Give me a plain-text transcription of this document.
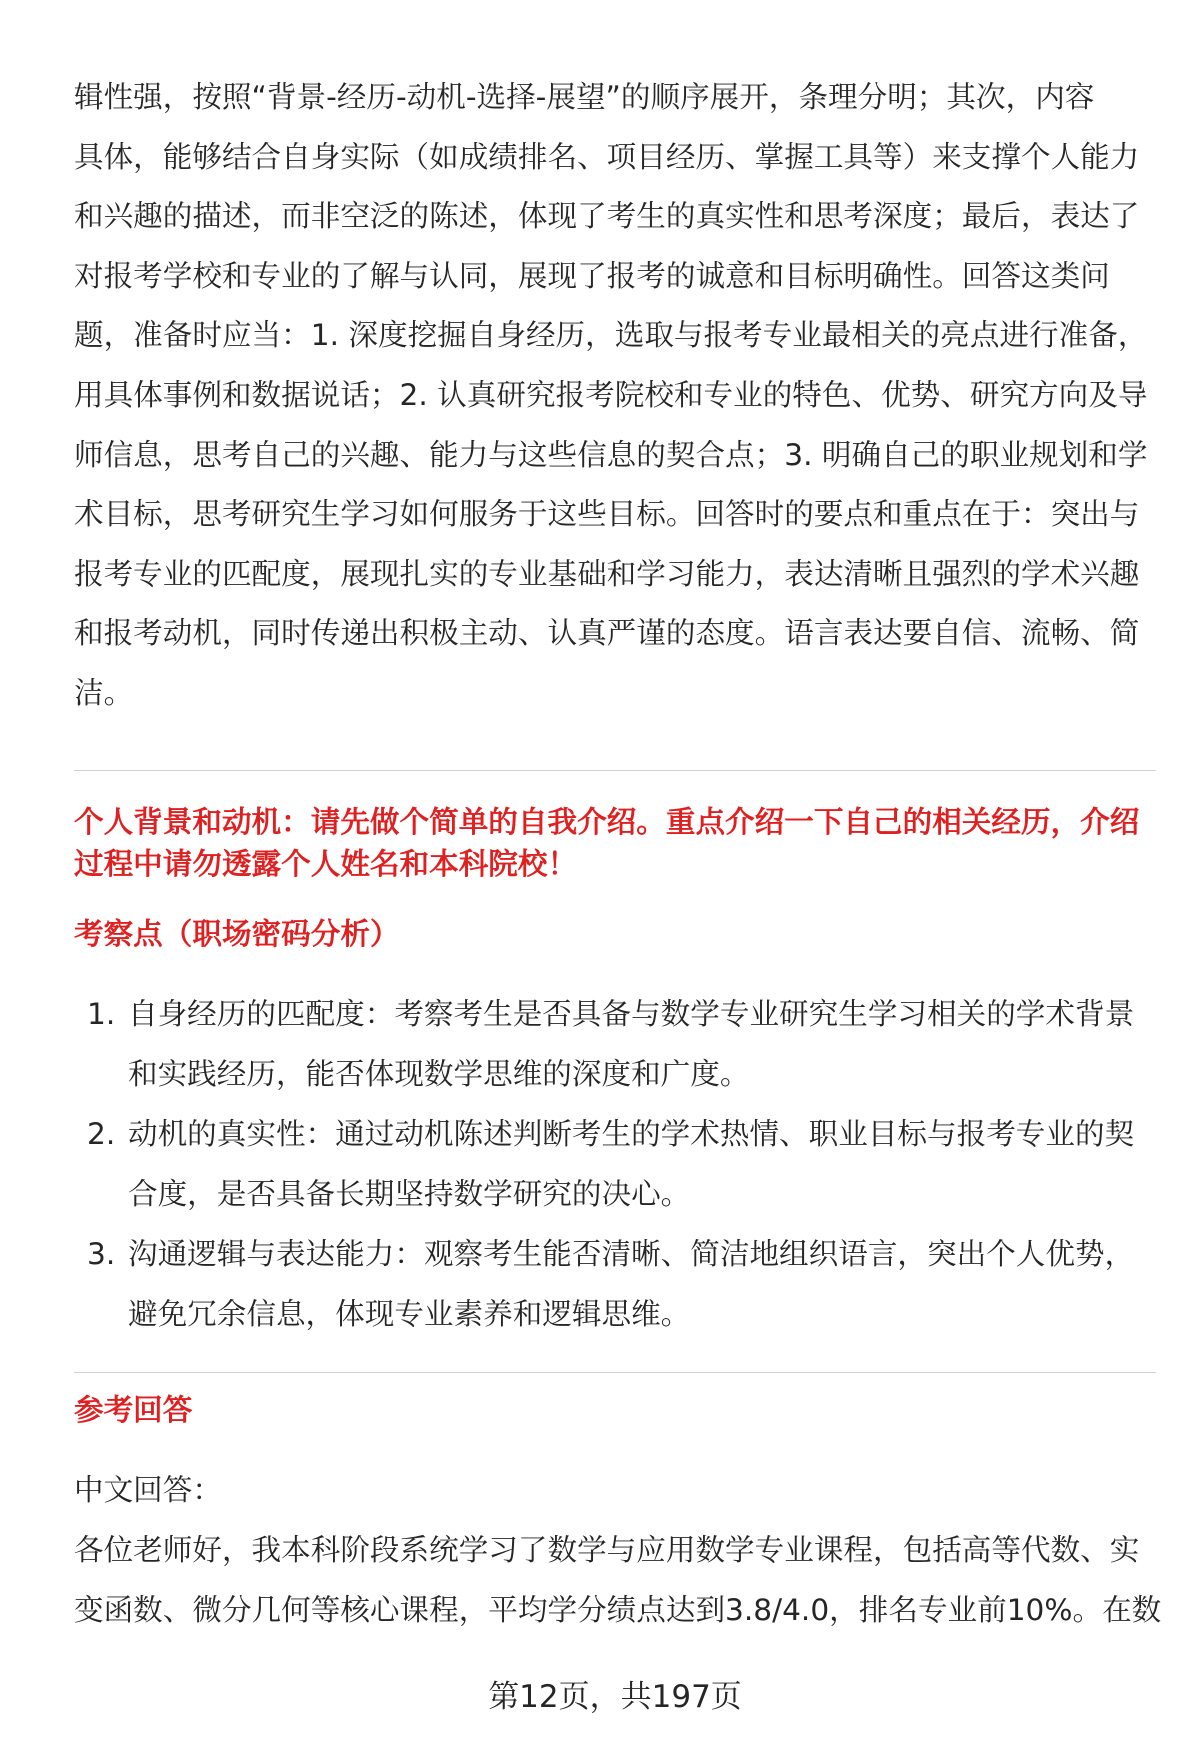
辑性强，按照“背景-经历-动机-选择-展望”的顺序展开，条理分明；其次，内容
具体，能够结合自身实际（如成绩排名、项目经历、掌握工具等）来支撑个人能力
和兴趣的描述，而非空泛的陈述，体现了考生的真实性和思考深度；最后，表达了
对报考学校和专业的了解与认同，展现了报考的诚意和目标明确性。回答这类问
题，准备时应当：1. 深度挖掘自身经历，选取与报考专业最相关的亮点进行准备，
用具体事例和数据说话；2. 认真研究报考院校和专业的特色、优势、研究方向及导
师信息，思考自己的兴趣、能力与这些信息的契合点；3. 明确自己的职业规划和学
术目标，思考研究生学习如何服务于这些目标。回答时的要点和重点在于：突出与
报考专业的匹配度，展现扎实的专业基础和学习能力，表达清晰且强烈的学术兴趣
和报考动机，同时传递出积极主动、认真严谨的态度。语言表达要自信、流畅、简
洁。
个人背景和动机：请先做个简单的自我介绍。重点介绍一下自己的相关经历，介绍
过程中请勿透露个人姓名和本科院校！
考察点（职场密码分析）
1. 自身经历的匹配度：考察考生是否具备与数学专业研究生学习相关的学术背景
和实践经历，能否体现数学思维的深度和广度。
2. 动机的真实性：通过动机陈述判断考生的学术热情、职业目标与报考专业的契
合度，是否具备长期坚持数学研究的决心。
3. 沟通逻辑与表达能力：观察考生能否清晰、简洁地组织语言，突出个人优势，
避免冗余信息，体现专业素养和逻辑思维。
参考回答
中文回答：
各位老师好，我本科阶段系统学习了数学与应用数学专业课程，包括高等代数、实
变函数、微分几何等核心课程，平均学分绩点达到3.8/4.0，排名专业前10%。在数
第12页，共197页
